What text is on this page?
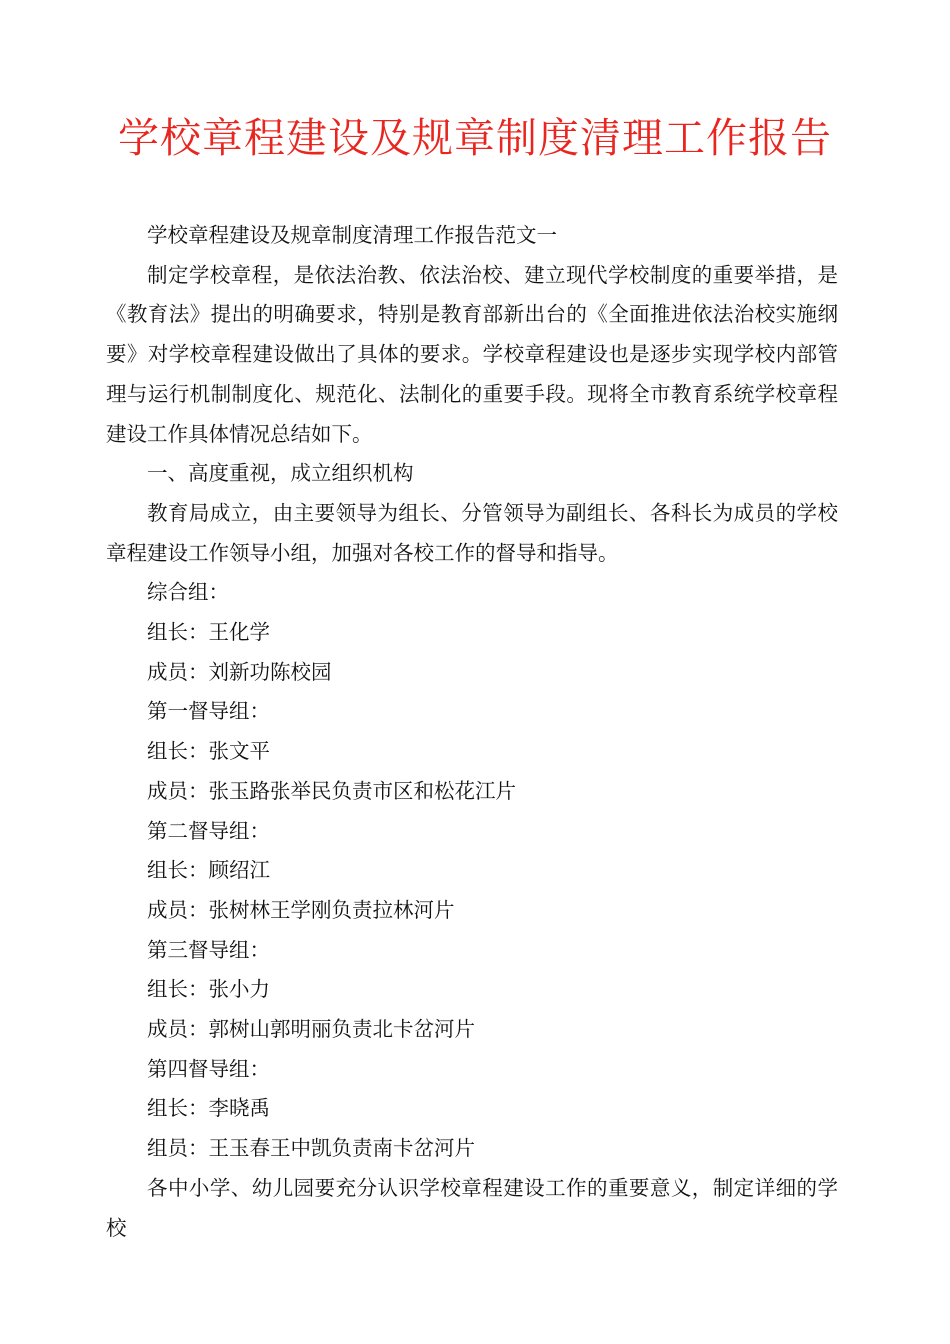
学校章程建设及规章制度清理工作报告

学校章程建设及规章制度清理工作报告范文一

制定学校章程，是依法治教、依法治校、建立现代学校制度的重要举措，是《教育法》提出的明确要求，特别是教育部新出台的《全面推进依法治校实施纲要》对学校章程建设做出了具体的要求。学校章程建设也是逐步实现学校内部管理与运行机制制度化、规范化、法制化的重要手段。现将全市教育系统学校章程建设工作具体情况总结如下。

一、高度重视，成立组织机构

教育局成立，由主要领导为组长、分管领导为副组长、各科长为成员的学校章程建设工作领导小组，加强对各校工作的督导和指导。

综合组：

组长：王化学

成员：刘新功陈校园

第一督导组：

组长：张文平

成员：张玉路张举民负责市区和松花江片

第二督导组：

组长：顾绍江

成员：张树林王学刚负责拉林河片

第三督导组：

组长：张小力

成员：郭树山郭明丽负责北卡岔河片

第四督导组：

组长：李晓禹

组员：王玉春王中凯负责南卡岔河片

各中小学、幼儿园要充分认识学校章程建设工作的重要意义，制定详细的学校
